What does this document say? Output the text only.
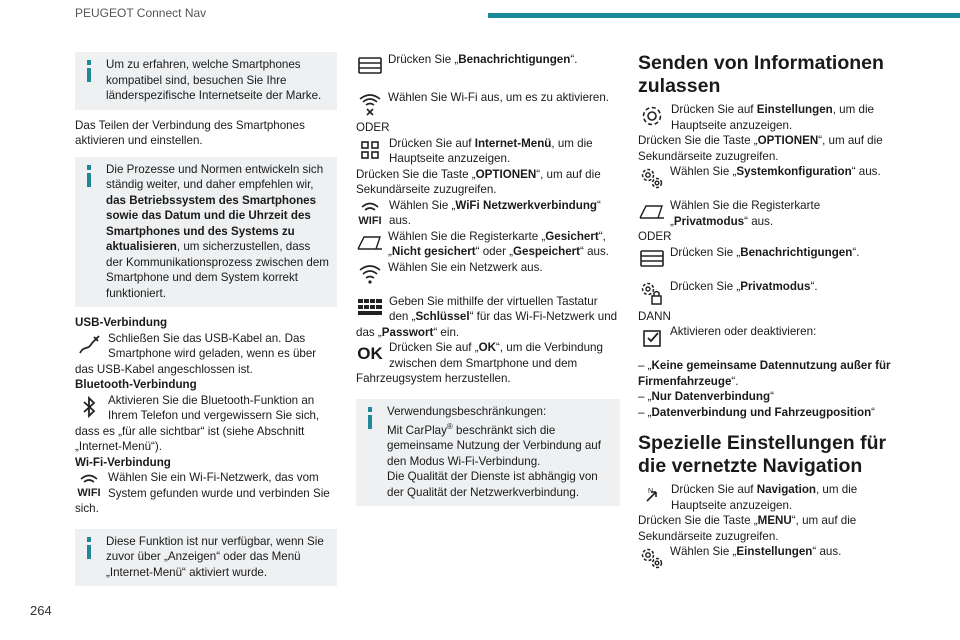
PEUGEOT Connect Nav
264

Um zu erfahren, welche Smartphones kompatibel sind, besuchen Sie Ihre länderspezifische Internetseite der Marke.

Das Teilen der Verbindung des Smartphones aktivieren und einstellen.

Die Prozesse und Normen entwickeln sich ständig weiter, und daher empfehlen wir, das Betriebssystem des Smartphones sowie das Datum und die Uhrzeit des Smartphones und des Systems zu aktualisieren, um sicherzustellen, dass der Kommunikationsprozess zwischen dem Smartphone und dem System korrekt funktioniert.

USB-Verbindung

Schließen Sie das USB-Kabel an. Das Smartphone wird geladen, wenn es über das USB-Kabel angeschlossen ist.

Bluetooth-Verbindung

Aktivieren Sie die Bluetooth-Funktion an Ihrem Telefon und vergewissern Sie sich, dass es „für alle sichtbar“ ist (siehe Abschnitt „Internet-Menü“).

Wi-Fi-Verbindung

WIFI
Wählen Sie ein Wi-Fi-Netzwerk, das vom System gefunden wurde und verbinden Sie sich.

Diese Funktion ist nur verfügbar, wenn Sie zuvor über „Anzeigen“ oder das Menü „Internet-Menü“ aktiviert wurde.

Drücken Sie „Benachrichtigungen“.

Wählen Sie Wi-Fi aus, um es zu aktivieren.

ODER

Drücken Sie auf Internet-Menü, um die Hauptseite anzuzeigen.

Drücken Sie die Taste „OPTIONEN“, um auf die Sekundärseite zuzugreifen.

WIFI
Wählen Sie „WiFi Netzwerkverbindung“ aus.

Wählen Sie die Registerkarte „Gesichert“, „Nicht gesichert“ oder „Gespeichert“ aus.

Wählen Sie ein Netzwerk aus.

Geben Sie mithilfe der virtuellen Tastatur den „Schlüssel“ für das Wi-Fi-Netzwerk und das „Passwort“ ein.
OK Drücken Sie auf „OK“, um die Verbindung zwischen dem Smartphone und dem Fahrzeugsystem herzustellen.

Verwendungsbeschränkungen:

Mit CarPlay® beschränkt sich die gemeinsame Nutzung der Verbindung auf den Modus Wi-Fi-Verbindung.

Die Qualität der Dienste ist abhängig von der Qualität der Netzwerkverbindung.

Senden von Informationen zulassen
Drücken Sie auf Einstellungen, um die Hauptseite anzuzeigen.

Drücken Sie die Taste „OPTIONEN“, um auf die Sekundärseite zuzugreifen.

Wählen Sie „Systemkonfiguration“ aus.

Wählen Sie die Registerkarte „Privatmodus“ aus.

ODER

Drücken Sie „Benachrichtigungen“.

Drücken Sie „Privatmodus“.

DANN

Aktivieren oder deaktivieren:

– „Keine gemeinsame Datennutzung außer für Firmenfahrzeuge“.

– „Nur Datenverbindung“

– „Datenverbindung und Fahrzeugposition“

Spezielle Einstellungen für die vernetzte Navigation
N Drücken Sie auf Navigation, um die Hauptseite anzuzeigen.

Drücken Sie die Taste „MENU“, um auf die Sekundärseite zuzugreifen.

Wählen Sie „Einstellungen“ aus.
